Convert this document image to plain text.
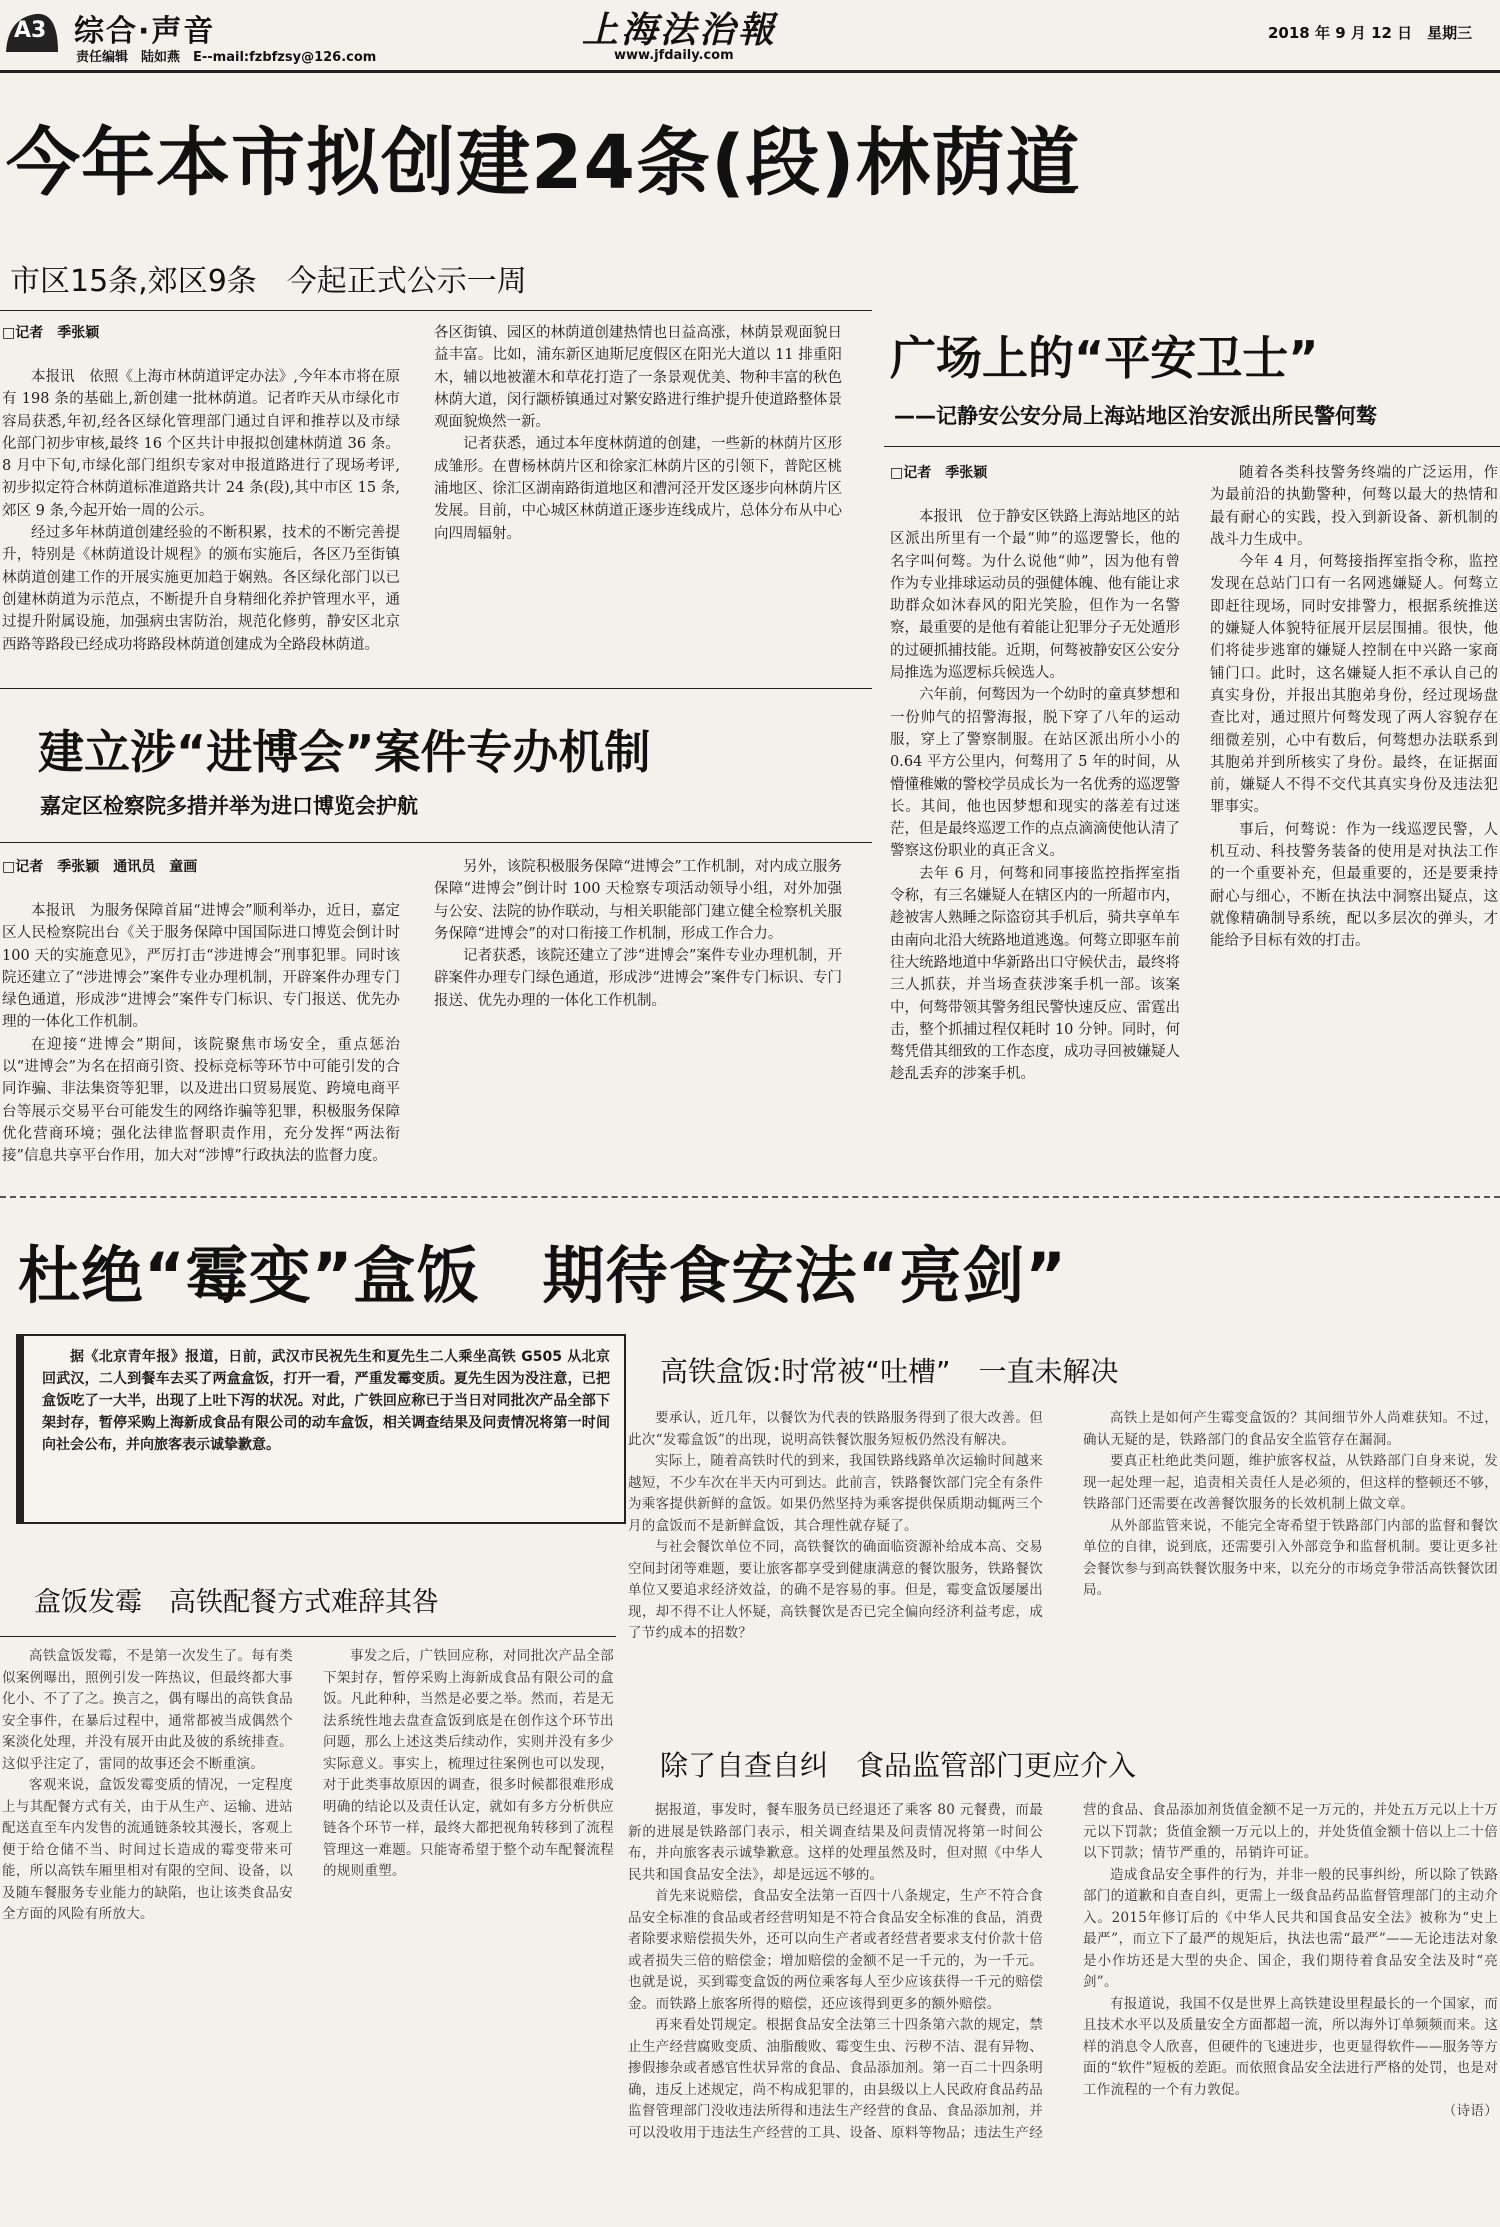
A3 综合·声音
责任编辑　陆如燕　E--mail:fzbfzsy@126.com
上海法治報
www.jfdaily.com
2018 年 9 月 12 日　星期三
今年本市拟创建24条(段)林荫道
市区15条,郊区9条　今起正式公示一周
□记者　季张颖

本报讯　依照《上海市林荫道评定办法》,今年本市将在原有 198 条的基础上,新创建一批林荫道。记者昨天从市绿化市容局获悉,年初,经各区绿化管理部门通过自评和推荐以及市绿化部门初步审核,最终 16 个区共计申报拟创建林荫道 36 条。8 月中下旬,市绿化部门组织专家对申报道路进行了现场考评,初步拟定符合林荫道标准道路共计 24 条(段),其中市区 15 条,郊区 9 条,今起开始一周的公示。

经过多年林荫道创建经验的不断积累，技术的不断完善提升，特别是《林荫道设计规程》的颁布实施后，各区乃至街镇林荫道创建工作的开展实施更加趋于娴熟。各区绿化部门以已创建林荫道为示范点，不断提升自身精细化养护管理水平，通过提升附属设施，加强病虫害防治，规范化修剪，静安区北京西路等路段已经成功将路段林荫道创建成为全路段林荫道。

各区街镇、园区的林荫道创建热情也日益高涨，林荫景观面貌日益丰富。比如，浦东新区迪斯尼度假区在阳光大道以 11 排重阳木，辅以地被灌木和草花打造了一条景观优美、物种丰富的秋色林荫大道，闵行颛桥镇通过对繁安路进行维护提升使道路整体景观面貌焕然一新。

记者获悉，通过本年度林荫道的创建，一些新的林荫片区形成雏形。在曹杨林荫片区和徐家汇林荫片区的引领下，普陀区桃浦地区、徐汇区湖南路街道地区和漕河泾开发区逐步向林荫片区发展。目前，中心城区林荫道正逐步连线成片，总体分布从中心向四周辐射。

广场上的“平安卫士”
——记静安公安分局上海站地区治安派出所民警何骜
□记者　季张颖

本报讯　位于静安区铁路上海站地区的站区派出所里有一个最“帅”的巡逻警长，他的名字叫何骜。为什么说他“帅”，因为他有曾作为专业排球运动员的强健体魄、他有能让求助群众如沐春风的阳光笑脸，但作为一名警察，最重要的是他有着能让犯罪分子无处遁形的过硬抓捕技能。近期，何骜被静安区公安分局推选为巡逻标兵候选人。

六年前，何骜因为一个幼时的童真梦想和一份帅气的招警海报，脱下穿了八年的运动服，穿上了警察制服。在站区派出所小小的 0.64 平方公里内，何骜用了 5 年的时间，从懵懂稚嫩的警校学员成长为一名优秀的巡逻警长。其间，他也因梦想和现实的落差有过迷茫，但是最终巡逻工作的点点滴滴使他认清了警察这份职业的真正含义。

去年 6 月，何骜和同事接监控指挥室指令称，有三名嫌疑人在辖区内的一所超市内，趁被害人熟睡之际盗窃其手机后，骑共享单车由南向北沿大统路地道逃逸。何骜立即驱车前往大统路地道中华新路出口守候伏击，最终将三人抓获，并当场查获涉案手机一部。该案中，何骜带领其警务组民警快速反应、雷霆出击，整个抓捕过程仅耗时 10 分钟。同时，何骜凭借其细致的工作态度，成功寻回被嫌疑人趁乱丢弃的涉案手机。

随着各类科技警务终端的广泛运用，作为最前沿的执勤警种，何骜以最大的热情和最有耐心的实践，投入到新设备、新机制的战斗力生成中。

今年 4 月，何骜接指挥室指令称，监控发现在总站门口有一名网逃嫌疑人。何骜立即赶往现场，同时安排警力，根据系统推送的嫌疑人体貌特征展开层层围捕。很快，他们将徒步逃窜的嫌疑人控制在中兴路一家商铺门口。此时，这名嫌疑人拒不承认自己的真实身份，并报出其胞弟身份，经过现场盘查比对，通过照片何骜发现了两人容貌存在细微差别，心中有数后，何骜想办法联系到其胞弟并到所核实了身份。最终，在证据面前，嫌疑人不得不交代其真实身份及违法犯罪事实。

事后，何骜说：作为一线巡逻民警，人机互动、科技警务装备的使用是对执法工作的一个重要补充，但最重要的，还是要秉持耐心与细心，不断在执法中洞察出疑点，这就像精确制导系统，配以多层次的弹头，才能给予目标有效的打击。

建立涉“进博会”案件专办机制
嘉定区检察院多措并举为进口博览会护航
□记者　季张颖　通讯员　童画

本报讯　为服务保障首届“进博会”顺利举办，近日，嘉定区人民检察院出台《关于服务保障中国国际进口博览会倒计时 100 天的实施意见》，严厉打击“涉进博会”刑事犯罪。同时该院还建立了“涉进博会”案件专业办理机制，开辟案件办理专门绿色通道，形成涉“进博会”案件专门标识、专门报送、优先办理的一体化工作机制。

在迎接“进博会”期间，该院聚焦市场安全，重点惩治以“进博会”为名在招商引资、投标竞标等环节中可能引发的合同诈骗、非法集资等犯罪，以及进出口贸易展览、跨境电商平台等展示交易平台可能发生的网络诈骗等犯罪，积极服务保障优化营商环境；强化法律监督职责作用，充分发挥“两法衔接”信息共享平台作用，加大对“涉博”行政执法的监督力度。

另外，该院积极服务保障“进博会”工作机制，对内成立服务保障“进博会”倒计时 100 天检察专项活动领导小组，对外加强与公安、法院的协作联动，与相关职能部门建立健全检察机关服务保障“进博会”的对口衔接工作机制，形成工作合力。

记者获悉，该院还建立了涉“进博会”案件专业办理机制，开辟案件办理专门绿色通道，形成涉“进博会”案件专门标识、专门报送、优先办理的一体化工作机制。

杜绝“霉变”盒饭　期待食安法“亮剑”

据《北京青年报》报道，日前，武汉市民祝先生和夏先生二人乘坐高铁 G505 从北京回武汉，二人到餐车去买了两盒盒饭，打开一看，严重发霉变质。夏先生因为没注意，已把盒饭吃了一大半，出现了上吐下泻的状况。对此，广铁回应称已于当日对同批次产品全部下架封存，暂停采购上海新成食品有限公司的动车盒饭，相关调查结果及问责情况将第一时间向社会公布，并向旅客表示诚挚歉意。

盒饭发霉　高铁配餐方式难辞其咎

高铁盒饭发霉，不是第一次发生了。每有类似案例曝出，照例引发一阵热议，但最终都大事化小、不了了之。换言之，偶有曝出的高铁食品安全事件，在暴后过程中，通常都被当成偶然个案淡化处理，并没有展开由此及彼的系统排查。这似乎注定了，雷同的故事还会不断重演。

客观来说，盒饭发霉变质的情况，一定程度上与其配餐方式有关，由于从生产、运输、进站配送直至车内发售的流通链条较其漫长，客观上便于给仓储不当、时间过长造成的霉变带来可能，所以高铁车厢里相对有限的空间、设备，以及随车餐服务专业能力的缺陷，也让该类食品安全方面的风险有所放大。

事发之后，广铁回应称，对同批次产品全部下架封存，暂停采购上海新成食品有限公司的盒饭。凡此种种，当然是必要之举。然而，若是无法系统性地去盘查盒饭到底是在创作这个环节出问题，那么上述这类后续动作，实则并没有多少实际意义。事实上，梳理过往案例也可以发现，对于此类事故原因的调查，很多时候都很难形成明确的结论以及责任认定，就如有多方分析供应链各个环节一样，最终大都把视角转移到了流程管理这一难题。只能寄希望于整个动车配餐流程的规则重塑。

高铁盒饭:时常被“吐槽”　一直未解决

要承认，近几年，以餐饮为代表的铁路服务得到了很大改善。但此次“发霉盒饭”的出现，说明高铁餐饮服务短板仍然没有解决。

实际上，随着高铁时代的到来，我国铁路线路单次运输时间越来越短，不少车次在半天内可到达。此前言，铁路餐饮部门完全有条件为乘客提供新鲜的盒饭。如果仍然坚持为乘客提供保质期动辄两三个月的盒饭而不是新鲜盒饭，其合理性就存疑了。

与社会餐饮单位不同，高铁餐饮的确面临资源补给成本高、交易空间封闭等难题，要让旅客都享受到健康满意的餐饮服务，铁路餐饮单位又要追求经济效益，的确不是容易的事。但是，霉变盒饭屡屡出现，却不得不让人怀疑，高铁餐饮是否已完全偏向经济利益考虑，成了节约成本的招数？

高铁上是如何产生霉变盒饭的？其间细节外人尚难获知。不过，确认无疑的是，铁路部门的食品安全监管存在漏洞。

要真正杜绝此类问题，维护旅客权益，从铁路部门自身来说，发现一起处理一起，追责相关责任人是必须的，但这样的整顿还不够，铁路部门还需要在改善餐饮服务的长效机制上做文章。

从外部监管来说，不能完全寄希望于铁路部门内部的监督和餐饮单位的自律，说到底，还需要引入外部竞争和监督机制。要让更多社会餐饮参与到高铁餐饮服务中来，以充分的市场竞争带活高铁餐饮团局。

除了自查自纠　食品监管部门更应介入

据报道，事发时，餐车服务员已经退还了乘客 80 元餐费，而最新的进展是铁路部门表示，相关调查结果及问责情况将第一时间公布，并向旅客表示诚挚歉意。这样的处理虽然及时，但对照《中华人民共和国食品安全法》，却是远远不够的。

首先来说赔偿，食品安全法第一百四十八条规定，生产不符合食品安全标准的食品或者经营明知是不符合食品安全标准的食品，消费者除要求赔偿损失外，还可以向生产者或者经营者要求支付价款十倍或者损失三倍的赔偿金；增加赔偿的金额不足一千元的，为一千元。也就是说，买到霉变盒饭的两位乘客每人至少应该获得一千元的赔偿金。而铁路上旅客所得的赔偿，还应该得到更多的额外赔偿。

再来看处罚规定。根据食品安全法第三十四条第六款的规定，禁止生产经营腐败变质、油脂酸败、霉变生虫、污秽不洁、混有异物、掺假掺杂或者感官性状异常的食品、食品添加剂。第一百二十四条明确，违反上述规定，尚不构成犯罪的，由县级以上人民政府食品药品监督管理部门没收违法所得和违法生产经营的食品、食品添加剂，并可以没收用于违法生产经营的工具、设备、原料等物品；违法生产经营的食品、食品添加剂货值金额不足一万元的，并处五万元以上十万元以下罚款；货值金额一万元以上的，并处货值金额十倍以上二十倍以下罚款；情节严重的，吊销许可证。

造成食品安全事件的行为，并非一般的民事纠纷，所以除了铁路部门的道歉和自查自纠，更需上一级食品药品监督管理部门的主动介入。2015年修订后的《中华人民共和国食品安全法》被称为“史上最严”，而立下了最严的规矩后，执法也需“最严”——无论违法对象是小作坊还是大型的央企、国企，我们期待着食品安全法及时“亮剑”。

有报道说，我国不仅是世界上高铁建设里程最长的一个国家，而且技术水平以及质量安全方面都超一流，所以海外订单频频而来。这样的消息令人欣喜，但硬件的飞速进步，也更显得软件——服务等方面的“软件”短板的差距。而依照食品安全法进行严格的处罚，也是对工作流程的一个有力敦促。

（诗语）
